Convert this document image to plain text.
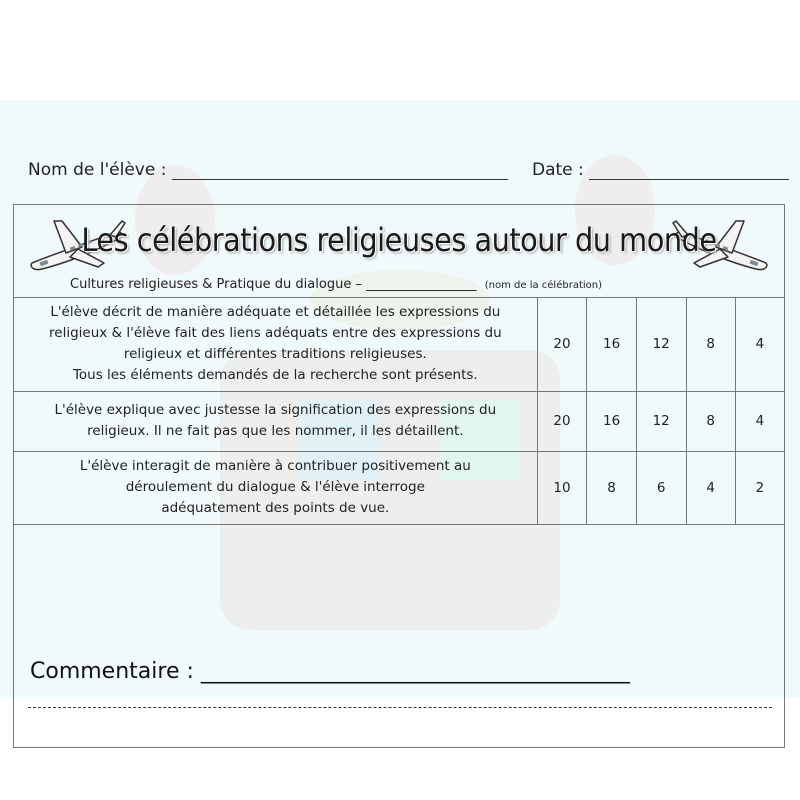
Nom de l'élève :	Date :
Les célébrations religieuses autour du monde
Cultures religieuses & Pratique du dialogue – _________________ (nom de la célébration)
L'élève décrit de manière adéquate et détaillée les expressions du
religieux & l'élève fait des liens adéquats entre des expressions du
religieux et différentes traditions religieuses.
Tous les éléments demandés de la recherche sont présents.	20	16	12	8	4

L'élève explique avec justesse la signification des expressions du
religieux. Il ne fait pas que les nommer, il les détaillent.	20	16	12	8	4

L'élève interagit de manière à contribuer positivement au
déroulement du dialogue & l'élève interroge
adéquatement des points de vue.	10	8	6	4	2
Commentaire : _______________________________________
